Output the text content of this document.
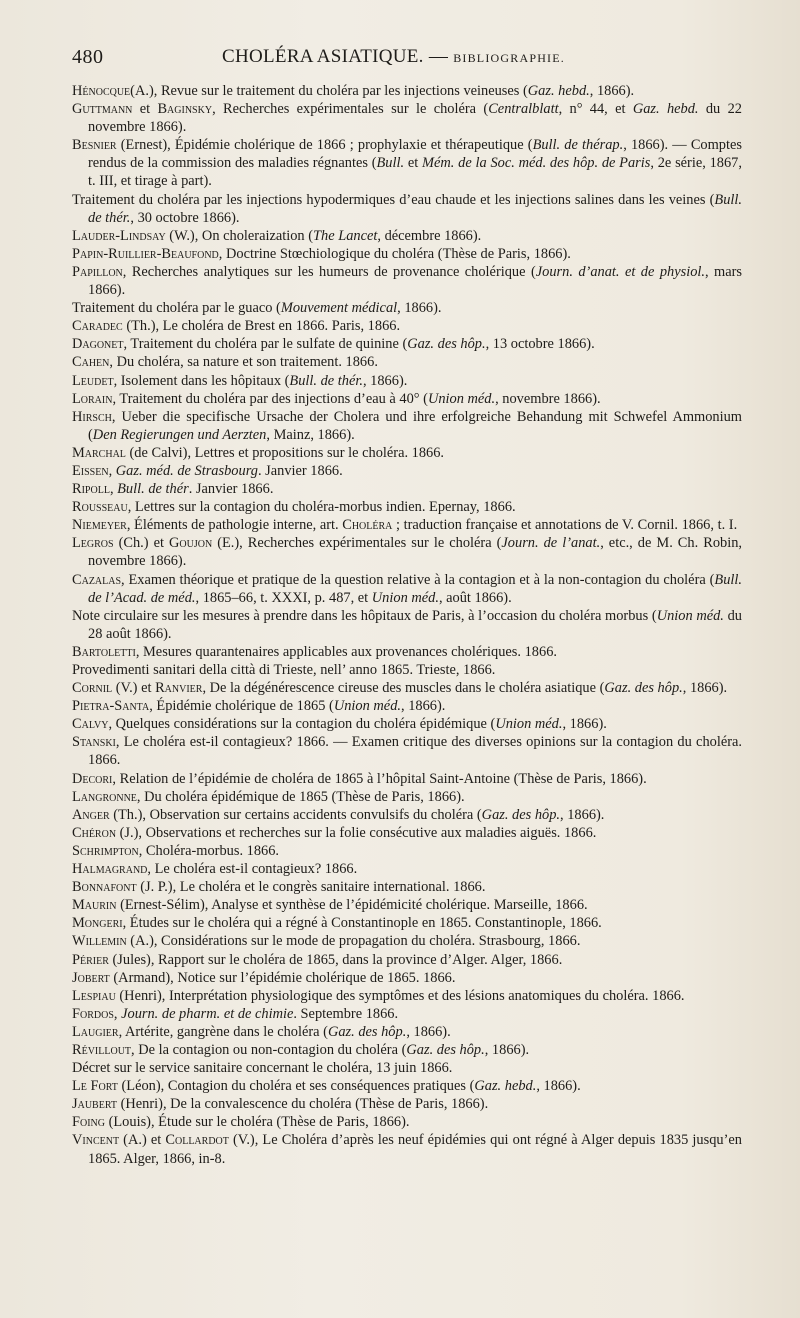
480	CHOLÉRA ASIATIQUE. — BIBLIOGRAPHIE.

Hénocque(A.), Revue sur le traitement du choléra par les injections veineuses (Gaz. hebd., 1866).

Guttmann et Baginsky, Recherches expérimentales sur le choléra (Centralblatt, n° 44, et Gaz. hebd. du 22 novembre 1866).

Besnier (Ernest), Épidémie cholérique de 1866 ; prophylaxie et thérapeutique (Bull. de thérap., 1866). — Comptes rendus de la commission des maladies régnantes (Bull. et Mém. de la Soc. méd. des hôp. de Paris, 2e série, 1867, t. III, et tirage à part).

Traitement du choléra par les injections hypodermiques d’eau chaude et les injections salines dans les veines (Bull. de thér., 30 octobre 1866).

Lauder-Lindsay (W.), On choleraization (The Lancet, décembre 1866).

Papin-Ruillier-Beaufond, Doctrine Stœchiologique du choléra (Thèse de Paris, 1866).

Papillon, Recherches analytiques sur les humeurs de provenance cholérique (Journ. d’anat. et de physiol., mars 1866).

Traitement du choléra par le guaco (Mouvement médical, 1866).

Caradec (Th.), Le choléra de Brest en 1866. Paris, 1866.

Dagonet, Traitement du choléra par le sulfate de quinine (Gaz. des hôp., 13 octobre 1866).

Cahen, Du choléra, sa nature et son traitement. 1866.

Leudet, Isolement dans les hôpitaux (Bull. de thér., 1866).

Lorain, Traitement du choléra par des injections d’eau à 40° (Union méd., novembre 1866).

Hirsch, Ueber die specifische Ursache der Cholera und ihre erfolgreiche Behandung mit Schwefel Ammonium (Den Regierungen und Aerzten, Mainz, 1866).

Marchal (de Calvi), Lettres et propositions sur le choléra. 1866.

Eissen, Gaz. méd. de Strasbourg. Janvier 1866.

Ripoll, Bull. de thér. Janvier 1866.

Rousseau, Lettres sur la contagion du choléra-morbus indien. Epernay, 1866.

Niemeyer, Éléments de pathologie interne, art. Choléra ; traduction française et annotations de V. Cornil. 1866, t. I.

Legros (Ch.) et Goujon (E.), Recherches expérimentales sur le choléra (Journ. de l’anat., etc., de M. Ch. Robin, novembre 1866).

Cazalas, Examen théorique et pratique de la question relative à la contagion et à la non-contagion du choléra (Bull. de l’Acad. de méd., 1865–66, t. XXXI, p. 487, et Union méd., août 1866).

Note circulaire sur les mesures à prendre dans les hôpitaux de Paris, à l’occasion du choléra morbus (Union méd. du 28 août 1866).

Bartoletti, Mesures quarantenaires applicables aux provenances cholériques. 1866.

Provedimenti sanitari della città di Trieste, nell’ anno 1865. Trieste, 1866.

Cornil (V.) et Ranvier, De la dégénérescence cireuse des muscles dans le choléra asiatique (Gaz. des hôp., 1866).

Pietra-Santa, Épidémie cholérique de 1865 (Union méd., 1866).

Calvy, Quelques considérations sur la contagion du choléra épidémique (Union méd., 1866).

Stanski, Le choléra est-il contagieux? 1866. — Examen critique des diverses opinions sur la contagion du choléra. 1866.

Decori, Relation de l’épidémie de choléra de 1865 à l’hôpital Saint-Antoine (Thèse de Paris, 1866).

Langronne, Du choléra épidémique de 1865 (Thèse de Paris, 1866).

Anger (Th.), Observation sur certains accidents convulsifs du choléra (Gaz. des hôp., 1866).

Chéron (J.), Observations et recherches sur la folie consécutive aux maladies aiguës. 1866.

Schrimpton, Choléra-morbus. 1866.

Halmagrand, Le choléra est-il contagieux? 1866.

Bonnafont (J. P.), Le choléra et le congrès sanitaire international. 1866.

Maurin (Ernest-Sélim), Analyse et synthèse de l’épidémicité cholérique. Marseille, 1866.

Mongeri, Études sur le choléra qui a régné à Constantinople en 1865. Constantinople, 1866.

Willemin (A.), Considérations sur le mode de propagation du choléra. Strasbourg, 1866.

Périer (Jules), Rapport sur le choléra de 1865, dans la province d’Alger. Alger, 1866.

Jobert (Armand), Notice sur l’épidémie cholérique de 1865. 1866.

Lespiau (Henri), Interprétation physiologique des symptômes et des lésions anatomiques du choléra. 1866.

Fordos, Journ. de pharm. et de chimie. Septembre 1866.

Laugier, Artérite, gangrène dans le choléra (Gaz. des hôp., 1866).

Révillout, De la contagion ou non-contagion du choléra (Gaz. des hôp., 1866).

Décret sur le service sanitaire concernant le choléra, 13 juin 1866.

Le Fort (Léon), Contagion du choléra et ses conséquences pratiques (Gaz. hebd., 1866).

Jaubert (Henri), De la convalescence du choléra (Thèse de Paris, 1866).

Foing (Louis), Étude sur le choléra (Thèse de Paris, 1866).

Vincent (A.) et Collardot (V.), Le Choléra d’après les neuf épidémies qui ont régné à Alger depuis 1835 jusqu’en 1865. Alger, 1866, in-8.
